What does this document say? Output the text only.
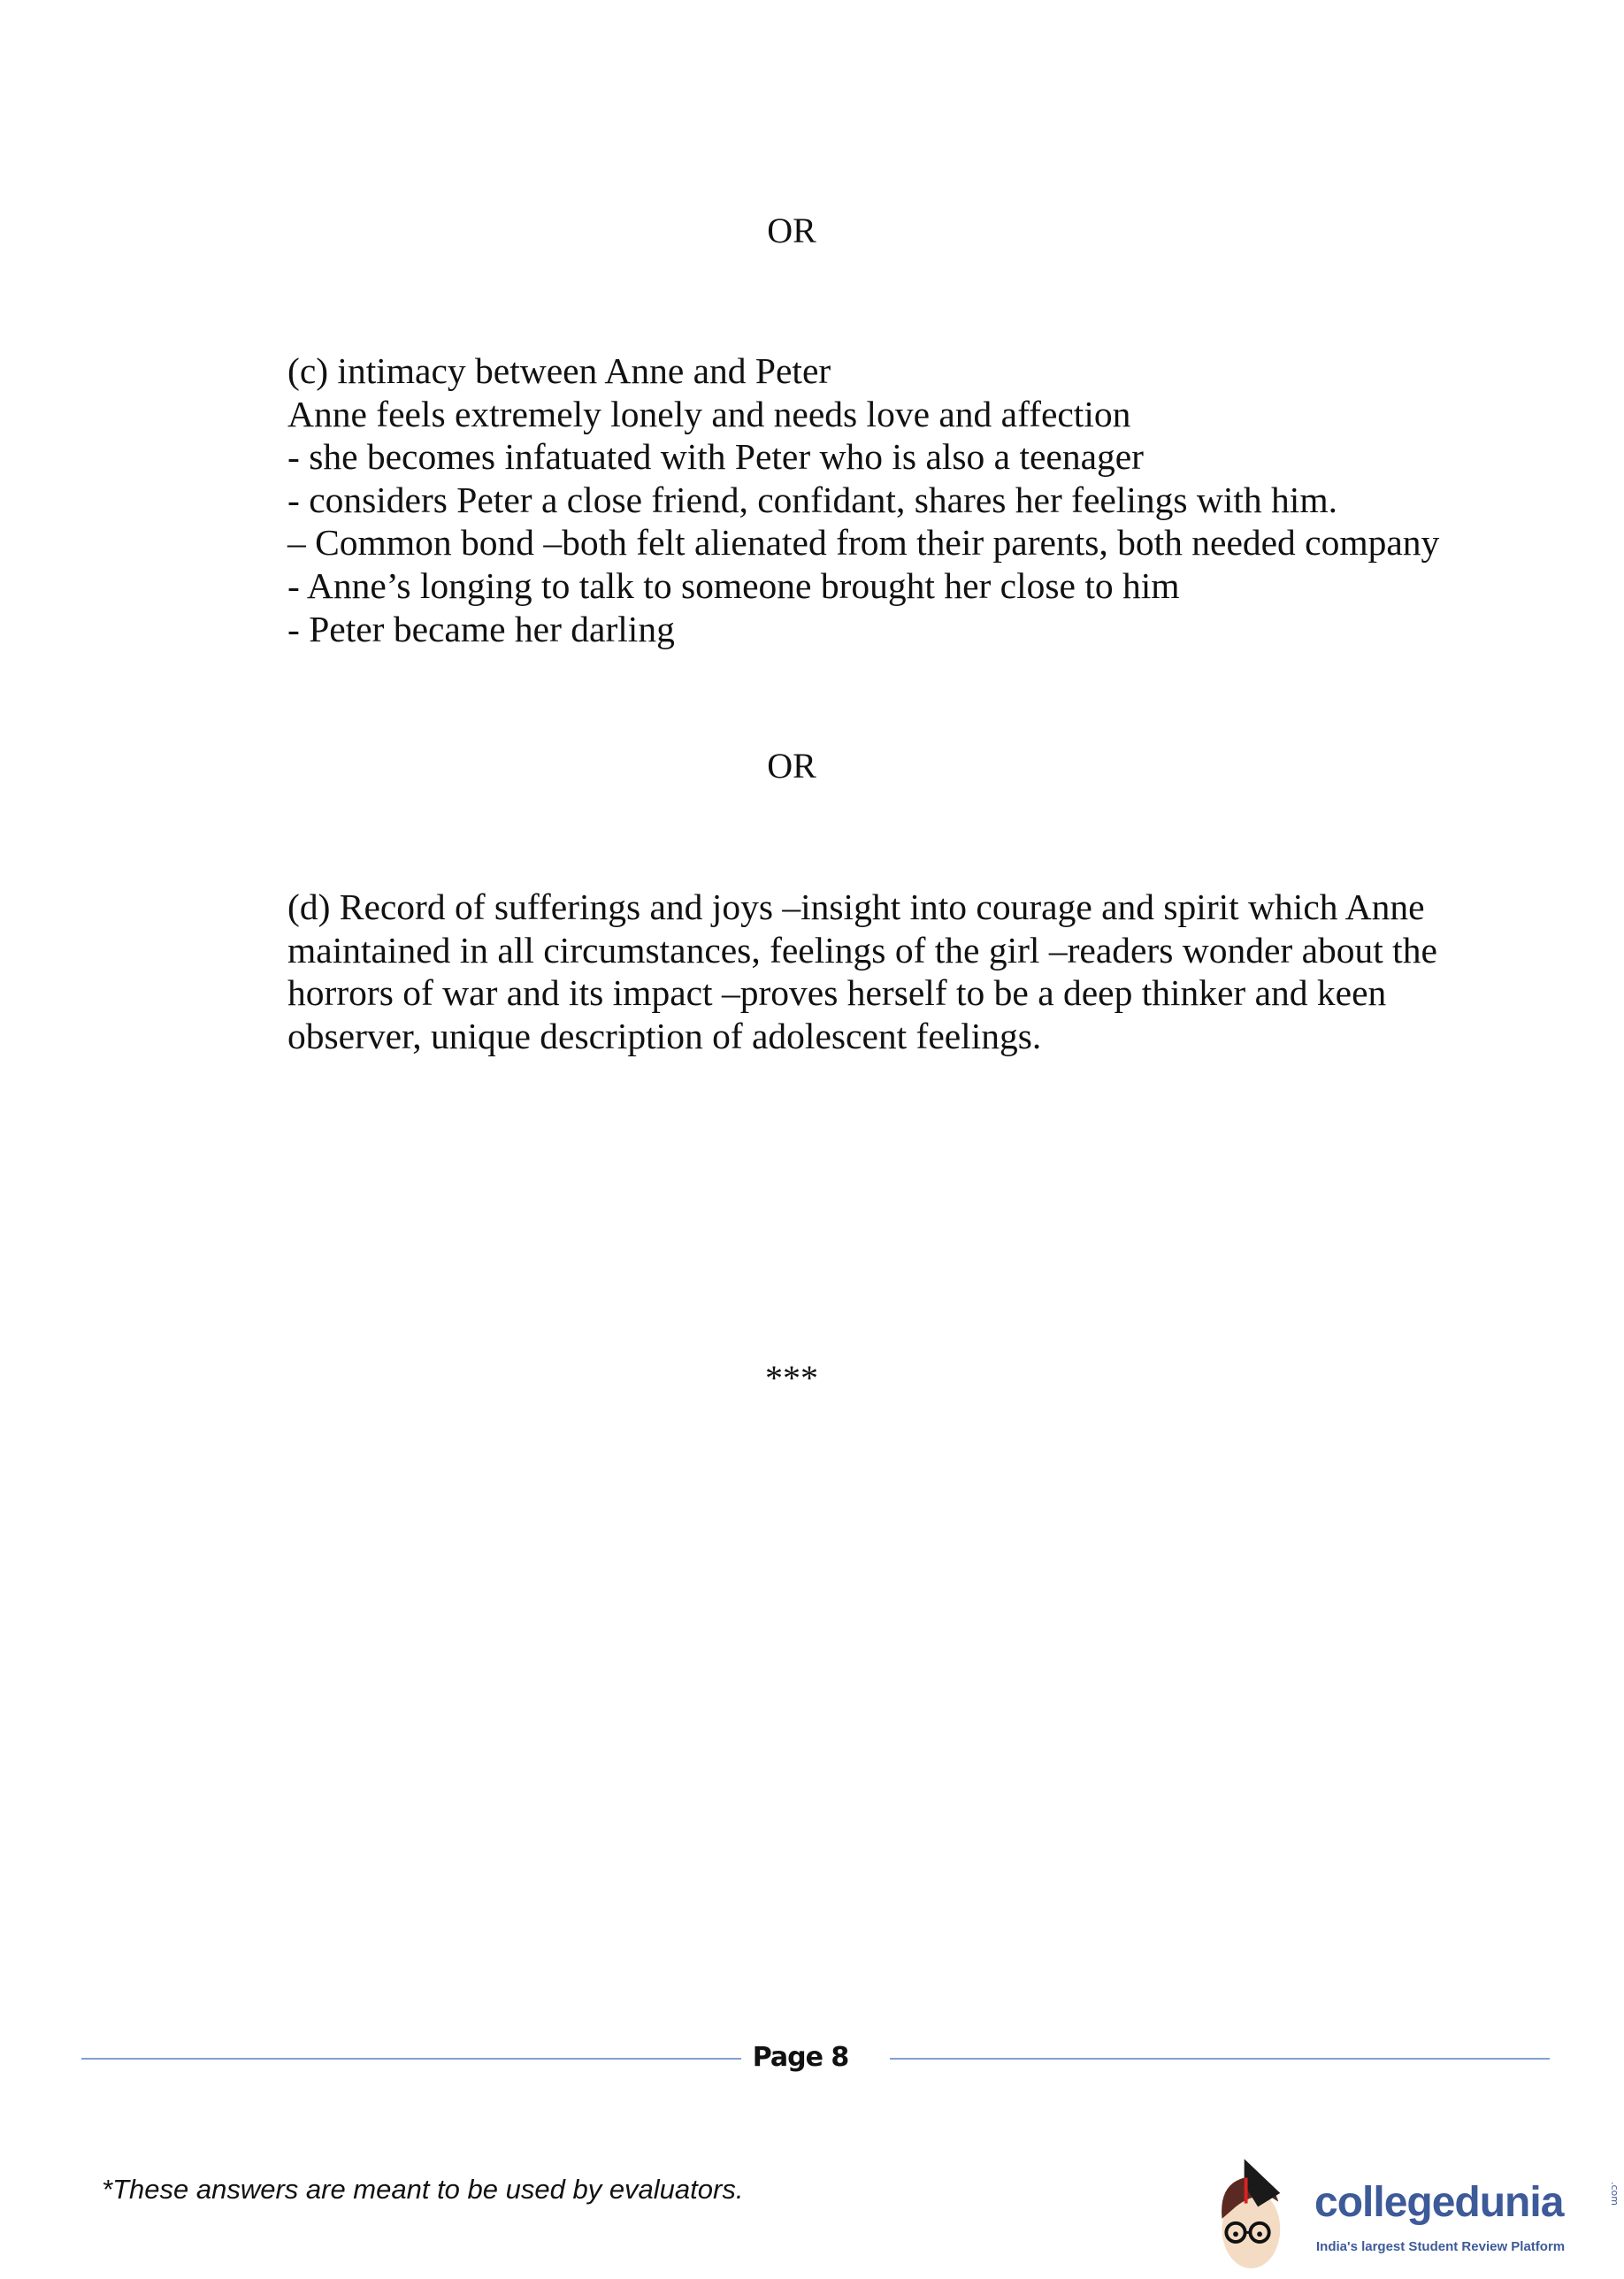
OR
(c) intimacy between Anne and Peter
Anne feels extremely lonely and needs love and affection
- she becomes infatuated with Peter who is also a teenager
- considers Peter a close friend, confidant, shares her feelings with him.
– Common bond –both felt alienated from their parents, both needed company
- Anne’s longing to talk to someone brought her close to him
- Peter became her darling
OR
(d) Record of sufferings and joys –insight into courage and spirit which Anne maintained in all circumstances, feelings of the girl –readers wonder about the horrors of war and its impact –proves herself to be a deep thinker and keen observer, unique description of adolescent feelings.
***
Page 8
*These answers are meant to be used by evaluators.	collegedunia	.com
India's largest Student Review Platform
